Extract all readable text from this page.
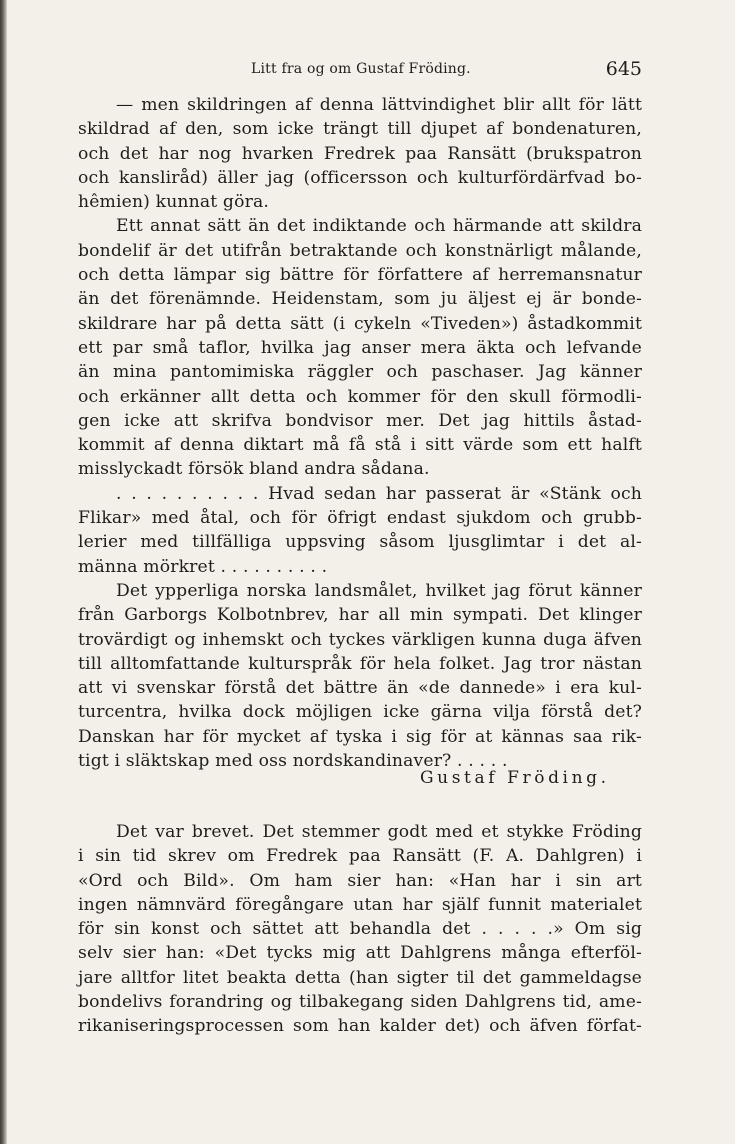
Litt fra og om Gustaf Fröding.	645
— men skildringen af denna lättvindighet blir allt för lätt
skildrad af den, som icke trängt till djupet af bondenaturen,
och det har nog hvarken Fredrek paa Ransätt (brukspatron
och kansliråd) äller jag (officersson och kulturfördärfvad bo-
hêmien) kunnat göra.
Ett annat sätt än det indiktande och härmande att skildra
bondelif är det utifrån betraktande och konstnärligt målande,
och detta lämpar sig bättre för författere af herremansnatur
än det förenämnde. Heidenstam, som ju äljest ej är bonde-
skildrare har på detta sätt (i cykeln «Tiveden») åstadkommit
ett par små taflor, hvilka jag anser mera äkta och lefvande
än mina pantomimiska räggler och paschaser. Jag känner
och erkänner allt detta och kommer för den skull förmodli-
gen icke att skrifva bondvisor mer. Det jag hittils åstad-
kommit af denna diktart må få stå i sitt värde som ett halft
misslyckadt försök bland andra sådana.
. . . . . . . . . . Hvad sedan har passerat är «Stänk och
Flikar» med åtal, och för öfrigt endast sjukdom och grubb-
lerier med tillfälliga uppsving såsom ljusglimtar i det al-
männa mörkret . . . . . . . . . .
Det ypperliga norska landsmålet, hvilket jag förut känner
från Garborgs Kolbotnbrev, har all min sympati. Det klinger
trovärdigt og inhemskt och tyckes värkligen kunna duga äfven
till alltomfattande kulturspråk för hela folket. Jag tror nästan
att vi svenskar förstå det bättre än «de dannede» i era kul-
turcentra, hvilka dock möjligen icke gärna vilja förstå det?
Danskan har för mycket af tyska i sig för at kännas saa rik-
tigt i släktskap med oss nordskandinaver? . . . . .
Gustaf Fröding.
Det var brevet. Det stemmer godt med et stykke Fröding
i sin tid skrev om Fredrek paa Ransätt (F. A. Dahlgren) i
«Ord och Bild». Om ham sier han: «Han har i sin art
ingen nämnvärd föregångare utan har själf funnit materialet
för sin konst och sättet att behandla det . . . . .» Om sig
selv sier han: «Det tycks mig att Dahlgrens många efterföl-
jare alltfor litet beakta detta (han sigter til det gammeldagse
bondelivs forandring og tilbakegang siden Dahlgrens tid, ame-
rikaniseringsprocessen som han kalder det) och äfven förfat-
